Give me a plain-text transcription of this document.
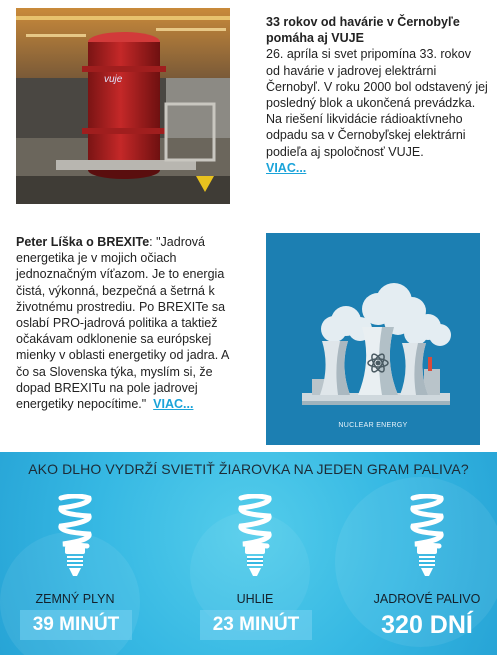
vuje
33 rokov od havárie v Černobyľe pomáha aj VUJE
26. apríla si svet pripomína 33. rokov od havárie v jadrovej elektrárni Černobyľ. V roku 2000 bol odstavený jej posledný blok a ukončená prevádzka. Na riešení likvidácie rádioaktívneho odpadu sa v Černobyľskej elektrárni podieľa aj spoločnosť VUJE.
VIAC...
Peter Líška o BREXITe: "Jadrová energetika je v mojich očiach jednoznačným víťazom. Je to energia čistá, výkonná, bezpečná a šetrná k životnému prostrediu. Po BREXITe sa oslabí PRO-jadrová politika a taktiež očakávam odklonenie sa európskej mienky v oblasti energetiky od jadra. A čo sa Slovenska týka, myslím si, že dopad BREXITu na pole jadrovej energetiky nepocítime." VIAC...
NUCLEAR ENERGY
AKO DLHO VYDRŽÍ SVIETIŤ ŽIAROVKA NA JEDEN GRAM PALIVA?
ZEMNÝ PLYN
39 MINÚT
UHLIE
23 MINÚT
JADROVÉ PALIVO
320 DNÍ
